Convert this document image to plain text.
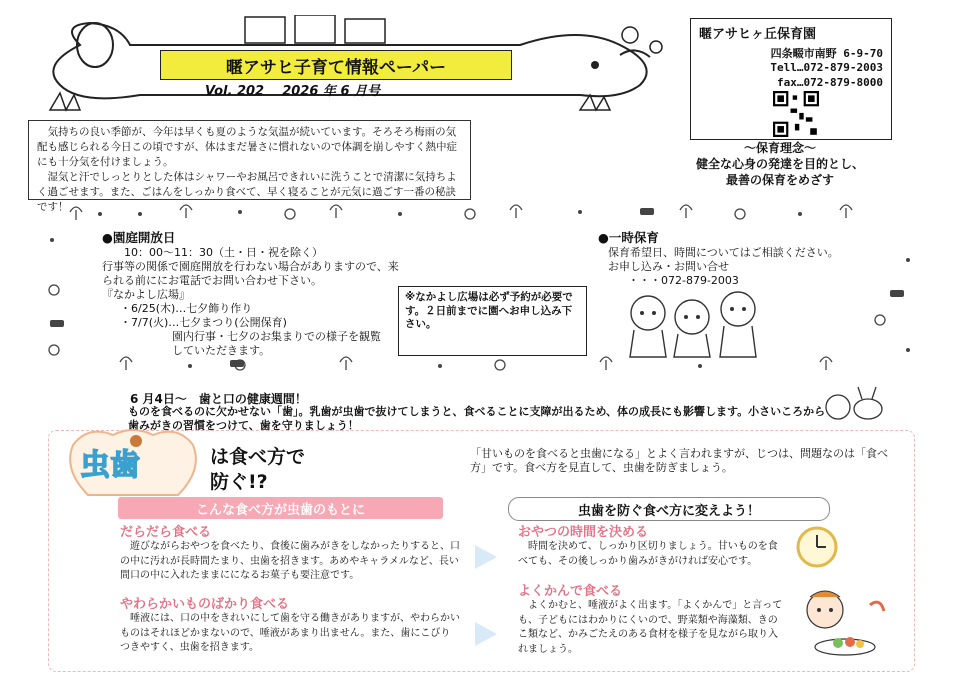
暱アサヒ子育て情報ペーパー
Vol. 202 2026 年 6 月号
暱アサヒヶ丘保育園
四条畷市南野 6-9-70
Tell…072-879-2003
fax…072-879-8000
気持ちの良い季節が、今年は早くも夏のような気温が続いています。そろそろ梅雨の気配も感じられる今日この頃ですが、体はまだ暑さに慣れないので体調を崩しやすく熱中症にも十分気を付けましょう。
湿気と汗でしっとりとした体はシャワーやお風呂できれいに洗うことで清潔に気持ちよく過ごせます。また、ごはんをしっかり食べて、早く寝ることが元気に過ごす一番の秘訣です！
～保育理念～
健全な心身の発達を目的とし、
最善の保育をめざす
●園庭開放日
10：00～11：30（土・日・祝を除く）
行事等の関係で園庭開放を行わない場合がありますので、来られる前ににお電話でお問い合わせ下さい。
『なかよし広場』
・6/25(木)…七夕飾り作り
・7/7(火)…七夕まつり(公開保育)
園内行事・七夕のお集まりでの様子を観覧していただきます。
※なかよし広場は必ず予約が必要です。２日前までに園へお申し込み下さい。
●一時保育
保育希望日、時間についてはご相談ください。
お申し込み・お問い合せ
・・・072-879-2003
6 月4日～　歯と口の健康週間！
ものを食べるのに欠かせない「歯」。乳歯が虫歯で抜けてしまうと、食べることに支障が出るため、体の成長にも影響します。小さいころから歯みがきの習慣をつけて、歯を守りましょう！
虫歯	は食べ方で
防ぐ!?
「甘いものを食べると虫歯になる」とよく言われますが、じつは、問題なのは「食べ方」です。食べ方を見直して、虫歯を防ぎましょう。
こんな食べ方が虫歯のもとに	虫歯を防ぐ食べ方に変えよう！
だらだら食べる
遊びながらおやつを食べたり、食後に歯みがきをしなかったりすると、口の中に汚れが長時間たまり、虫歯を招きます。あめやキャラメルなど、長い間口の中に入れたままにになるお菓子も要注意です。
やわらかいものばかり食べる
唾液には、口の中をきれいにして歯を守る働きがありますが、やわらかいものはそれほどかまないので、唾液があまり出ません。また、歯にこびりつきやすく、虫歯を招きます。
おやつの時間を決める
時間を決めて、しっかり区切りましょう。甘いものを食べても、その後しっかり歯みがきがければ安心です。
よくかんで食べる
よくかむと、唾液がよく出ます。「よくかんで」と言っても、子どもにはわかりにくいので、野菜類や海藻類、きのこ類など、かみごたえのある食材を様子を見ながら取り入れましょう。
